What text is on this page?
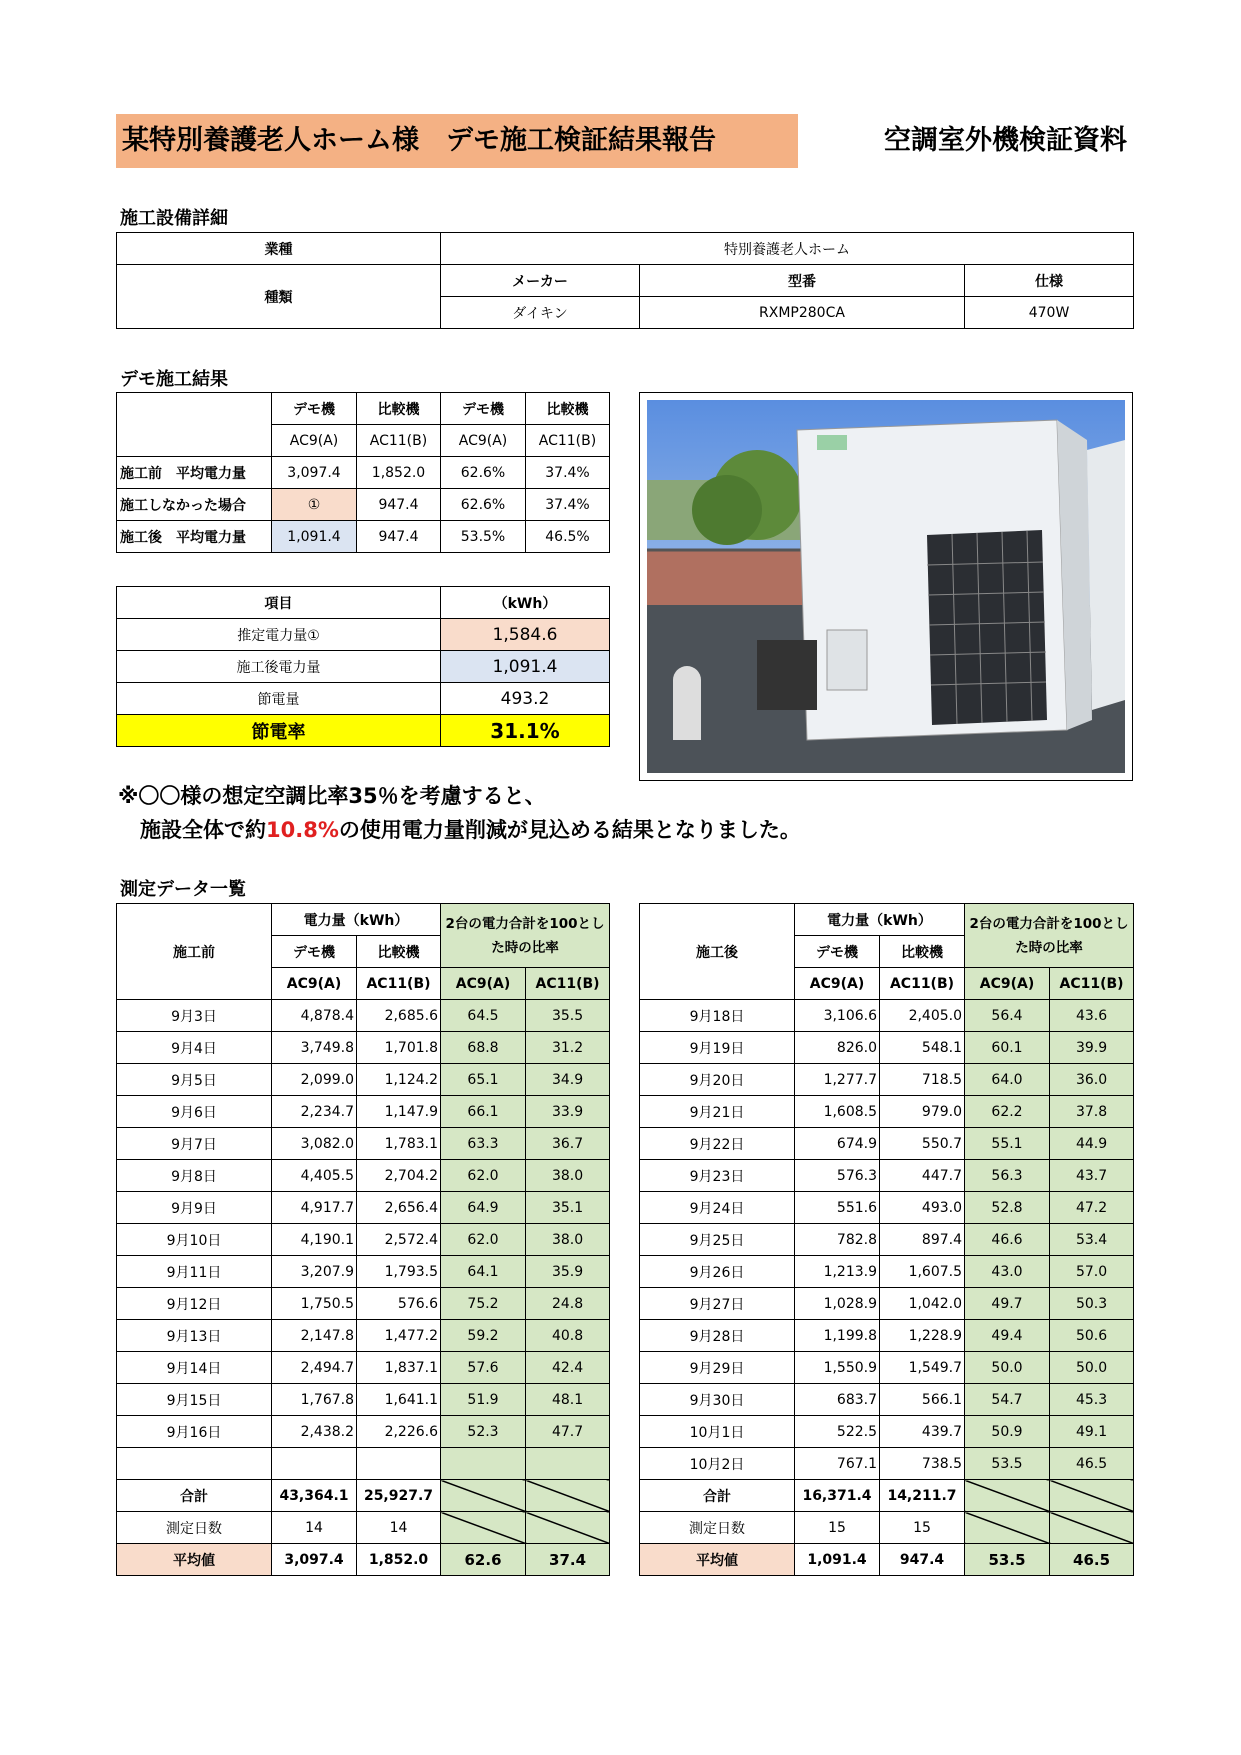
某特別養護老人ホーム様　デモ施工検証結果報告	空調室外機検証資料
施工設備詳細
業種	特別養護老人ホーム		
種類	メーカー	型番	仕様
	ダイキン	RXMP280CA	470W
デモ施工結果
	デモ機	比較機	デモ機	比較機
	AC9(A)	AC11(B)	AC9(A)	AC11(B)
施工前　平均電力量	3,097.4	1,852.0	62.6%	37.4%
施工しなかった場合	①	947.4	62.6%	37.4%
施工後　平均電力量	1,091.4	947.4	53.5%	46.5%
項目	（kWh）
推定電力量①	1,584.6
施工後電力量	1,091.4
節電量	493.2
節電率	31.1%
※〇〇様の想定空調比率35％を考慮すると、
施設全体で約10.8%の使用電力量削減が見込める結果となりました。
測定データ一覧
施工前	電力量（kWh）		2台の電力合計を100とした時の比率	
	デモ機	比較機		
	AC9(A)	AC11(B)	AC9(A)	AC11(B)
9月3日	4,878.4	2,685.6	64.5	35.5
9月4日	3,749.8	1,701.8	68.8	31.2
9月5日	2,099.0	1,124.2	65.1	34.9
9月6日	2,234.7	1,147.9	66.1	33.9
9月7日	3,082.0	1,783.1	63.3	36.7
9月8日	4,405.5	2,704.2	62.0	38.0
9月9日	4,917.7	2,656.4	64.9	35.1
9月10日	4,190.1	2,572.4	62.0	38.0
9月11日	3,207.9	1,793.5	64.1	35.9
9月12日	1,750.5	576.6	75.2	24.8
9月13日	2,147.8	1,477.2	59.2	40.8
9月14日	2,494.7	1,837.1	57.6	42.4
9月15日	1,767.8	1,641.1	51.9	48.1
9月16日	2,438.2	2,226.6	52.3	47.7

合計	43,364.1	25,927.7		
測定日数	14	14		
平均値	3,097.4	1,852.0	62.6	37.4
施工後	電力量（kWh）		2台の電力合計を100とした時の比率	
	デモ機	比較機		
	AC9(A)	AC11(B)	AC9(A)	AC11(B)
9月18日	3,106.6	2,405.0	56.4	43.6
9月19日	826.0	548.1	60.1	39.9
9月20日	1,277.7	718.5	64.0	36.0
9月21日	1,608.5	979.0	62.2	37.8
9月22日	674.9	550.7	55.1	44.9
9月23日	576.3	447.7	56.3	43.7
9月24日	551.6	493.0	52.8	47.2
9月25日	782.8	897.4	46.6	53.4
9月26日	1,213.9	1,607.5	43.0	57.0
9月27日	1,028.9	1,042.0	49.7	50.3
9月28日	1,199.8	1,228.9	49.4	50.6
9月29日	1,550.9	1,549.7	50.0	50.0
9月30日	683.7	566.1	54.7	45.3
10月1日	522.5	439.7	50.9	49.1
10月2日	767.1	738.5	53.5	46.5
合計	16,371.4	14,211.7		
測定日数	15	15		
平均値	1,091.4	947.4	53.5	46.5
